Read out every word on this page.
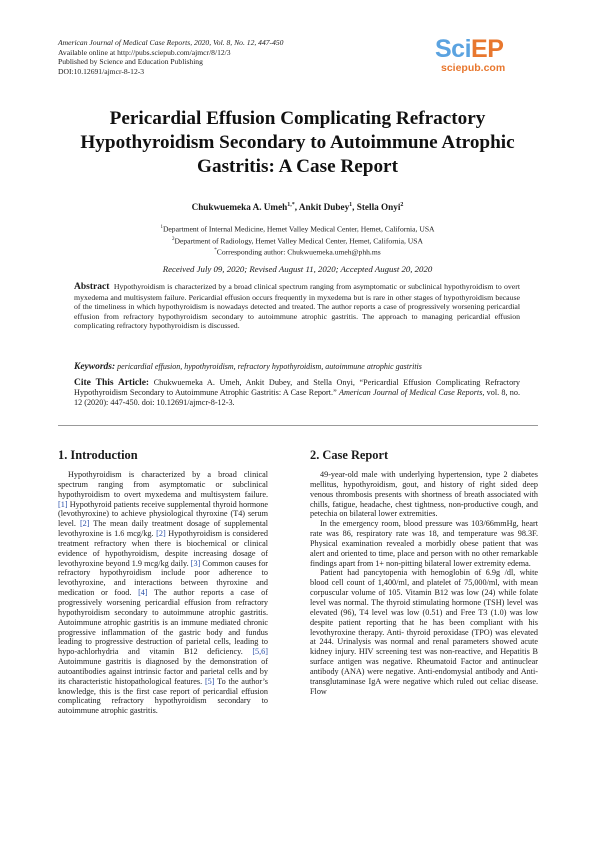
American Journal of Medical Case Reports, 2020, Vol. 8, No. 12, 447-450
Available online at http://pubs.sciepub.com/ajmcr/8/12/3
Published by Science and Education Publishing
DOI:10.12691/ajmcr-8-12-3
SciEP
sciepub.com
Pericardial Effusion Complicating Refractory Hypothyroidism Secondary to Autoimmune Atrophic Gastritis: A Case Report
Chukwuemeka A. Umeh$^{1,*}$, Ankit Dubey$^1$, Stella Onyi$^2$
$^1$Department of Internal Medicine, Hemet Valley Medical Center, Hemet, California, USA
$^2$Department of Radiology, Hemet Valley Medical Center, Hemet, California, USA
*Corresponding author: Chukwuemeka.umeh@phh.ms
Received July 09, 2020; Revised August 11, 2020; Accepted August 20, 2020
Abstract Hypothyroidism is characterized by a broad clinical spectrum ranging from asymptomatic or subclinical hypothyroidism to overt myxedema and multisystem failure. Pericardial effusion occurs frequently in myxedema but is rare in other stages of hypothyroidism because of the timeliness in which hypothyroidism is nowadays detected and treated. The author reports a case of progressively worsening pericardial effusion from refractory hypothyroidism secondary to autoimmune atrophic gastritis. The approach to managing pericardial effusion complicating refractory hypothyroidism is discussed.
Keywords: pericardial effusion, hypothyroidism, refractory hypothyroidism, autoimmune atrophic gastritis
Cite This Article: Chukwuemeka A. Umeh, Ankit Dubey, and Stella Onyi, “Pericardial Effusion Complicating Refractory Hypothyroidism Secondary to Autoimmune Atrophic Gastritis: A Case Report.” American Journal of Medical Case Reports, vol. 8, no. 12 (2020): 447-450. doi: 10.12691/ajmcr-8-12-3.
1. Introduction

Hypothyroidism is characterized by a broad clinical spectrum ranging from asymptomatic or subclinical hypothyroidism to overt myxedema and multisystem failure. [1] Hypothyroid patients receive supplemental thyroid hormone (levothyroxine) to achieve physiological thyroxine (T4) serum level. [2] The mean daily treatment dosage of supplemental levothyroxine is 1.6 mcg/kg. [2] Hypothyroidism is considered treatment refractory when there is biochemical or clinical evidence of hypothyroidism, despite increasing dosage of levothyroxine beyond 1.9 mcg/kg daily. [3] Common causes for refractory hypothyroidism include poor adherence to levothyroxine, and interactions between thyroxine and medication or food. [4] The author reports a case of progressively worsening pericardial effusion from refractory hypothyroidism secondary to autoimmune atrophic gastritis. Autoimmune atrophic gastritis is an immune mediated chronic progressive inflammation of the gastric body and fundus leading to progressive destruction of parietal cells, leading to hypo-achlorhydria and vitamin B12 deficiency. [5,6] Autoimmune gastritis is diagnosed by the demonstration of autoantibodies against intrinsic factor and parietal cells and by its characteristic histopathological features. [5] To the author’s knowledge, this is the first case report of pericardial effusion complicating refractory hypothyroidism secondary to autoimmune atrophic gastritis.

2. Case Report

49-year-old male with underlying hypertension, type 2 diabetes mellitus, hypothyroidism, gout, and history of right sided deep venous thrombosis presents with shortness of breath associated with chills, fatigue, headache, chest tightness, non-productive cough, and petechia on bilateral lower extremities.

In the emergency room, blood pressure was 103/66mmHg, heart rate was 86, respiratory rate was 18, and temperature was 98.3F. Physical examination revealed a morbidly obese patient that was alert and oriented to time, place and person with no other remarkable findings apart from 1+ non-pitting bilateral lower extremity edema.

Patient had pancytopenia with hemoglobin of 6.9g /dl, white blood cell count of 1,400/ml, and platelet of 75,000/ml, with mean corpuscular volume of 105. Vitamin B12 was low (24) while folate level was normal. The thyroid stimulating hormone (TSH) level was elevated (96), T4 level was low (0.51) and Free T3 (1.0) was low despite patient reporting that he has been compliant with his levothyroxine therapy. Anti- thyroid peroxidase (TPO) was elevated at 244. Urinalysis was normal and renal parameters showed acute kidney injury. HIV screening test was non-reactive, and Hepatitis B surface antigen was negative. Rheumatoid Factor and antinuclear antibody (ANA) were negative. Anti-endomysial antibody and Anti-transglutaminase IgA were negative which ruled out celiac disease. Flow
